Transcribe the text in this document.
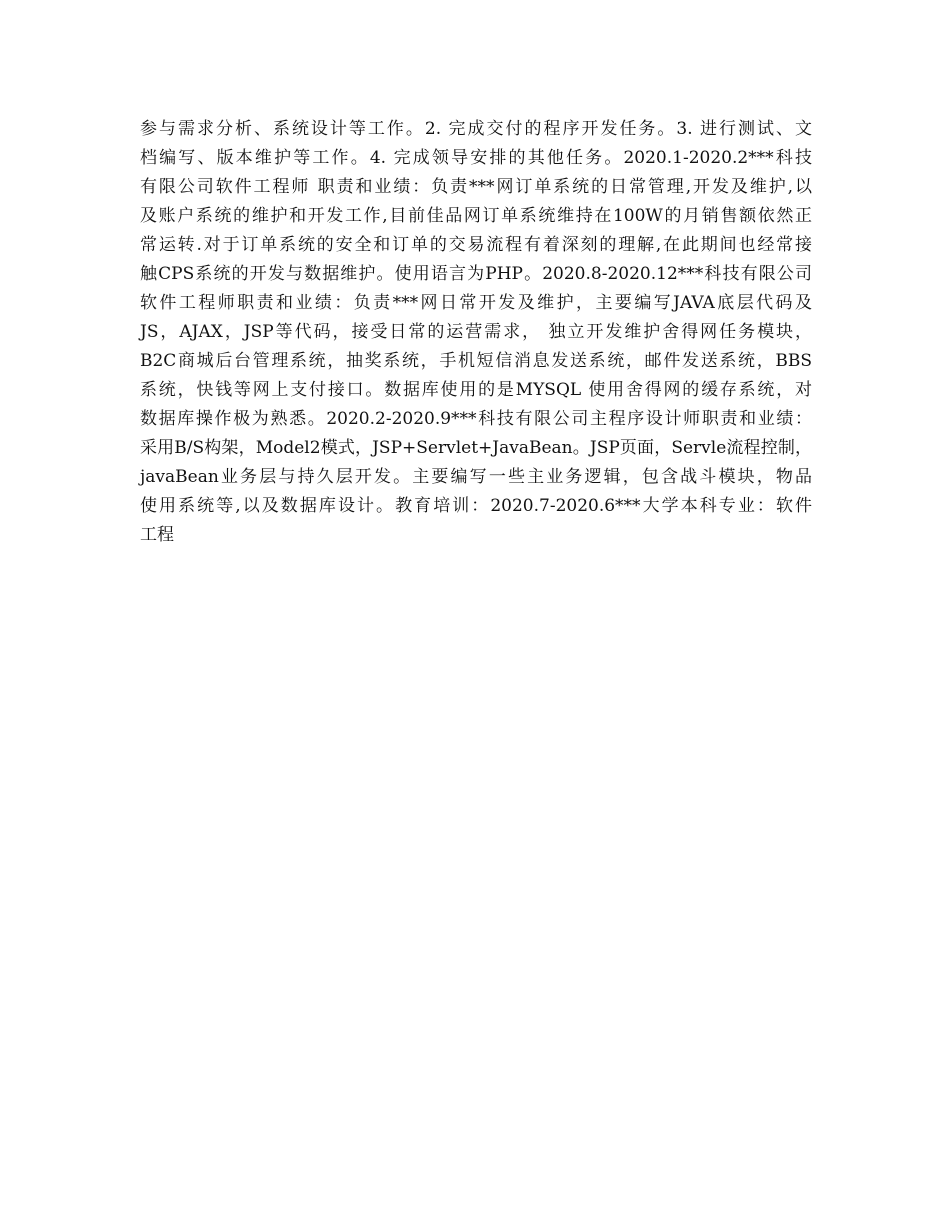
参与需求分析、系统设计等工作。2. 完成交付的程序开发任务。3. 进行测试、文
档编写、版本维护等工作。4. 完成领导安排的其他任务。2020.1-2020.2***科技
有限公司软件工程师 职责和业绩：负责***网订单系统的日常管理,开发及维护,以
及账户系统的维护和开发工作,目前佳品网订单系统维持在100W的月销售额依然正
常运转.对于订单系统的安全和订单的交易流程有着深刻的理解,在此期间也经常接
触CPS系统的开发与数据维护。使用语言为PHP。2020.8-2020.12***科技有限公司
软件工程师职责和业绩：负责***网日常开发及维护，主要编写JAVA底层代码及
JS，AJAX，JSP等代码，接受日常的运营需求， 独立开发维护舍得网任务模块，
B2C商城后台管理系统，抽奖系统，手机短信消息发送系统，邮件发送系统，BBS
系统，快钱等网上支付接口。数据库使用的是MYSQL 使用舍得网的缓存系统，对
数据库操作极为熟悉。2020.2-2020.9***科技有限公司主程序设计师职责和业绩：
采用B/S构架，Model2模式，JSP+Servlet+JavaBean。JSP页面，Servle流程控制，
javaBean业务层与持久层开发。主要编写一些主业务逻辑，包含战斗模块，物品
使用系统等,以及数据库设计。教育培训：2020.7-2020.6***大学本科专业：软件
工程
